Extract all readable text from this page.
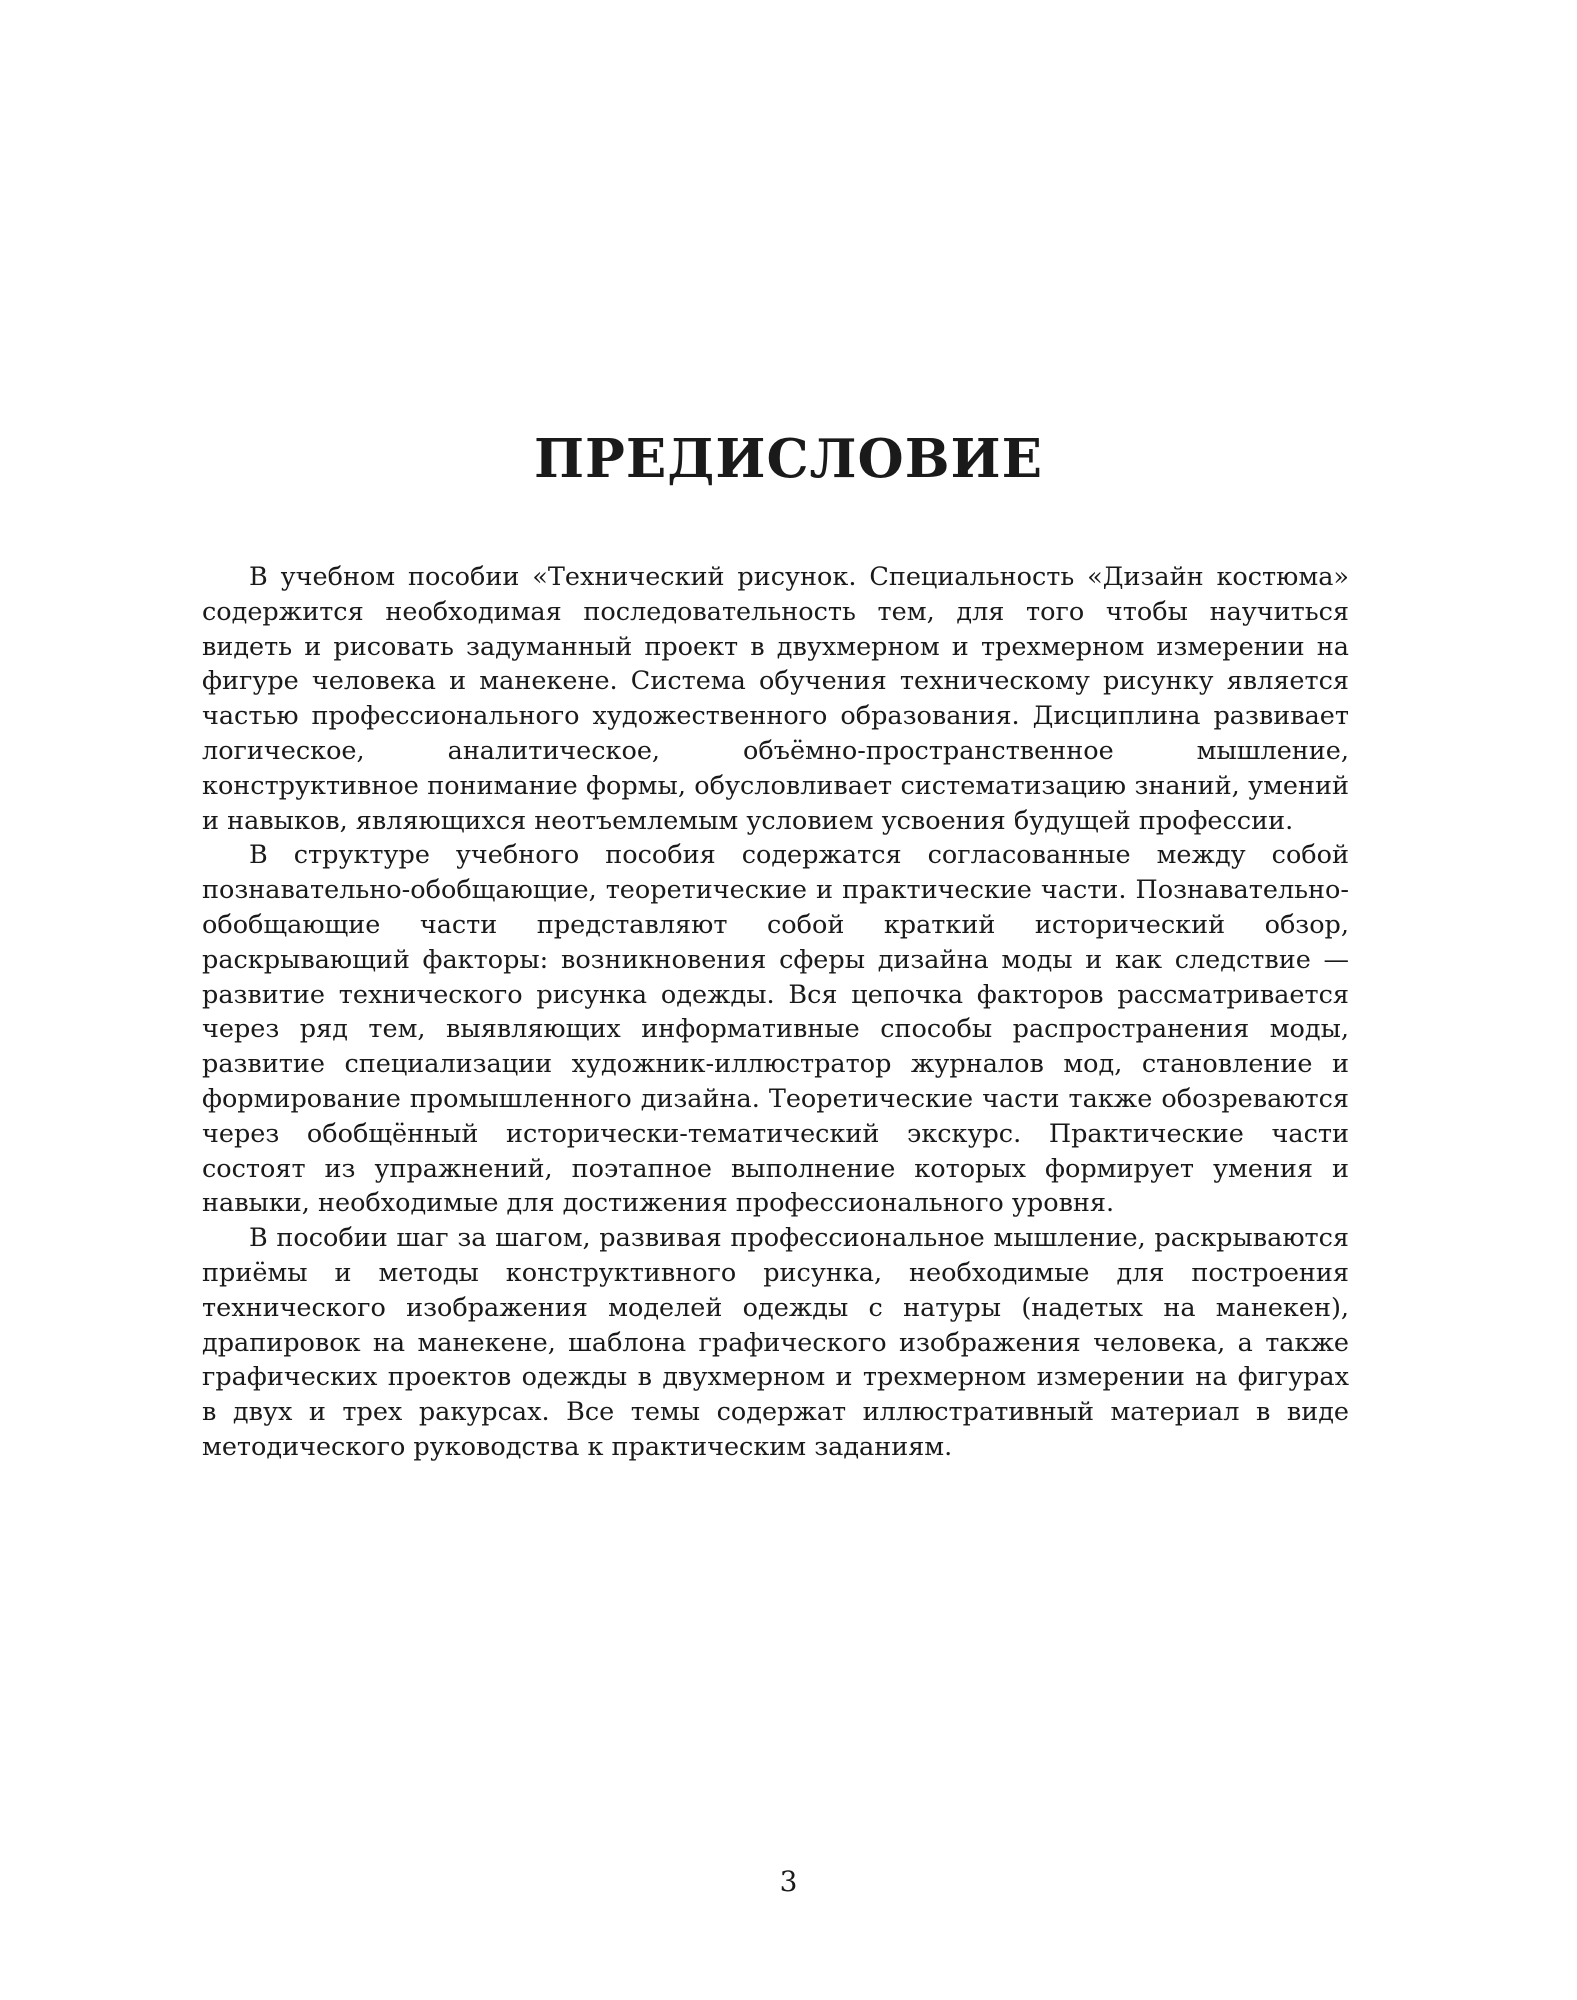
ПРЕДИСЛОВИЕ

В учебном пособии «Технический рисунок. Специальность «Дизайн костюма» содержится необходимая последовательность тем, для того чтобы научиться видеть и рисовать задуманный проект в двухмерном и трехмерном измерении на фигуре человека и манекене. Система обучения техническому рисунку является частью профессионального художественного образования. Дисциплина развивает логическое, аналитическое, объёмно-пространственное мышление, конструктивное понимание формы, обусловливает систематизацию знаний, умений и навыков, являющихся неотъемлемым условием усвоения будущей профессии.

В структуре учебного пособия содержатся согласованные между собой познавательно-обобщающие, теоретические и практические части. Познавательно-обобщающие части представляют собой краткий исторический обзор, раскрывающий факторы: возникновения сферы дизайна моды и как следствие — развитие технического рисунка одежды. Вся цепочка факторов рассматривается через ряд тем, выявляющих информативные способы распространения моды, развитие специализации художник-иллюстратор журналов мод, становление и формирование промышленного дизайна. Теоретические части также обозреваются через обобщённый исторически-тематический экскурс. Практические части состоят из упражнений, поэтапное выполнение которых формирует умения и навыки, необходимые для достижения профессионального уровня.

В пособии шаг за шагом, развивая профессиональное мышление, раскрываются приёмы и методы конструктивного рисунка, необходимые для построения технического изображения моделей одежды с натуры (надетых на манекен), драпировок на манекене, шаблона графического изображения человека, а также графических проектов одежды в двухмерном и трехмерном измерении на фигурах в двух и трех ракурсах. Все темы содержат иллюстративный материал в виде методического руководства к практическим заданиям.

3
